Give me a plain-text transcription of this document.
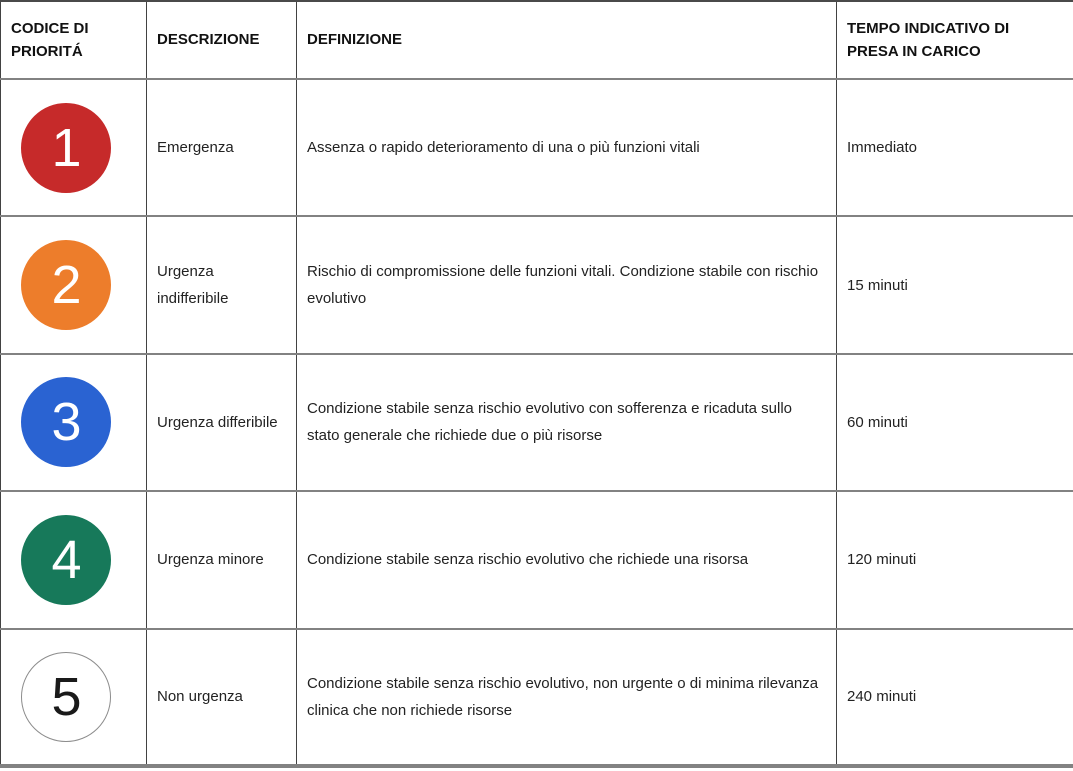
CODICE DI PRIORITÁ	DESCRIZIONE	DEFINIZIONE	TEMPO INDICATIVO DI PRESA IN CARICO

1	Emergenza	Assenza o rapido deterioramento di una o più funzioni vitali	Immediato

2	Urgenza indifferibile	Rischio di compromissione delle funzioni vitali. Condizione stabile con rischio evolutivo	15 minuti

3	Urgenza differibile	Condizione stabile senza rischio evolutivo con sofferenza e ricaduta sullo stato generale che richiede due o più risorse	60 minuti

4	Urgenza minore	Condizione stabile senza rischio evolutivo che richiede una risorsa	120 minuti

5	Non urgenza	Condizione stabile senza rischio evolutivo, non urgente o di minima rilevanza clinica che non richiede risorse	240 minuti
